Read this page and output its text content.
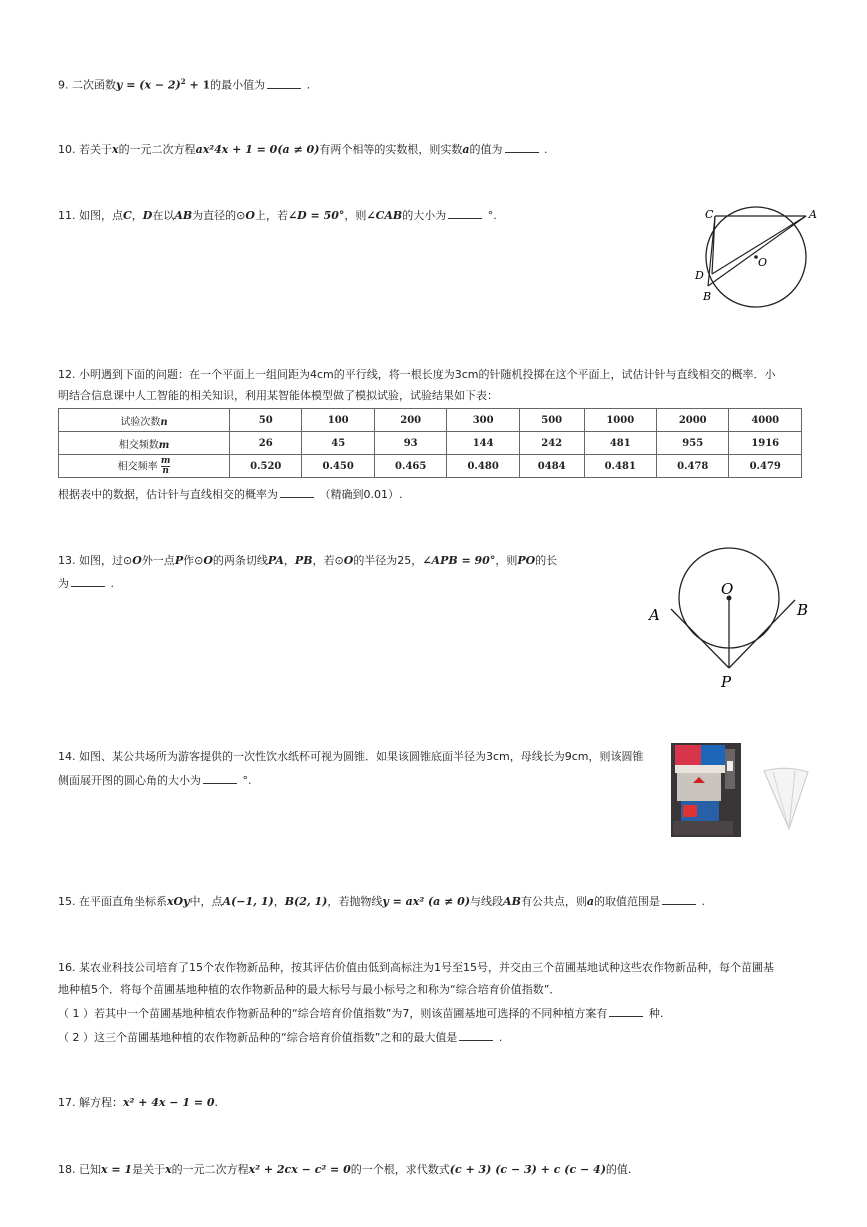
9. 二次函数$y = (x - 2)^2 + 1$的最小值为	.
10. 若关于x的一元二次方程ax²4x + 1 = 0(a ≠ 0)有两个相等的实数根，则实数a的值为	.
11. 如图，点C，D在以AB为直径的⊙O上，若∠D = 50°，则∠CAB的大小为	°.	C	A
O
D
B
12. 小明遇到下面的问题：在一个平面上一组间距为4cm的平行线，将一根长度为3cm的针随机投掷在这个平面上，试估计针与直线相交的概率．小
明结合信息课中人工智能的相关知识，利用某智能体模型做了模拟试验，试验结果如下表：
试验次数n	50	100	200	300	500	1000	2000	4000
相交频数m	26	45	93	144	242	481	955	1916
相交频率 $\frac{m}{n}$	0.520	0.450	0.465	0.480	0484	0.481	0.478	0.479
根据表中的数据，估计针与直线相交的概率为	（精确到0.01）.
13. 如图，过⊙O外一点P作⊙O的两条切线PA，PB，若⊙O的半径为25，∠APB = 90°，则PO的长
为	.	O
A	B
P
14. 如图、某公共场所为游客提供的一次性饮水纸杯可视为圆锥．如果该圆锥底面半径为3cm，母线长为9cm，则该圆锥
侧面展开图的圆心角的大小为	°.
15. 在平面直角坐标系xOy中，点A(−1, 1)，B(2, 1)，若抛物线y = ax² (a ≠ 0)与线段AB有公共点，则a的取值范围是	.
16. 某农业科技公司培育了15个农作物新品种，按其评估价值由低到高标注为1号至15号，并交由三个苗圃基地试种这些农作物新品种，每个苗圃基
地种植5个．将每个苗圃基地种植的农作物新品种的最大标号与最小标号之和称为“综合培育价值指数”．
（ 1 ）若其中一个苗圃基地种植农作物新品种的“综合培育价值指数”为7，则该苗圃基地可选择的不同种植方案有	种.
（ 2 ）这三个苗圃基地种植的农作物新品种的“综合培育价值指数”之和的最大值是	.
17. 解方程：x² + 4x − 1 = 0.
18. 已知x = 1是关于x的一元二次方程x² + 2cx − c² = 0的一个根，求代数式(c + 3) (c − 3) + c (c − 4)的值.
